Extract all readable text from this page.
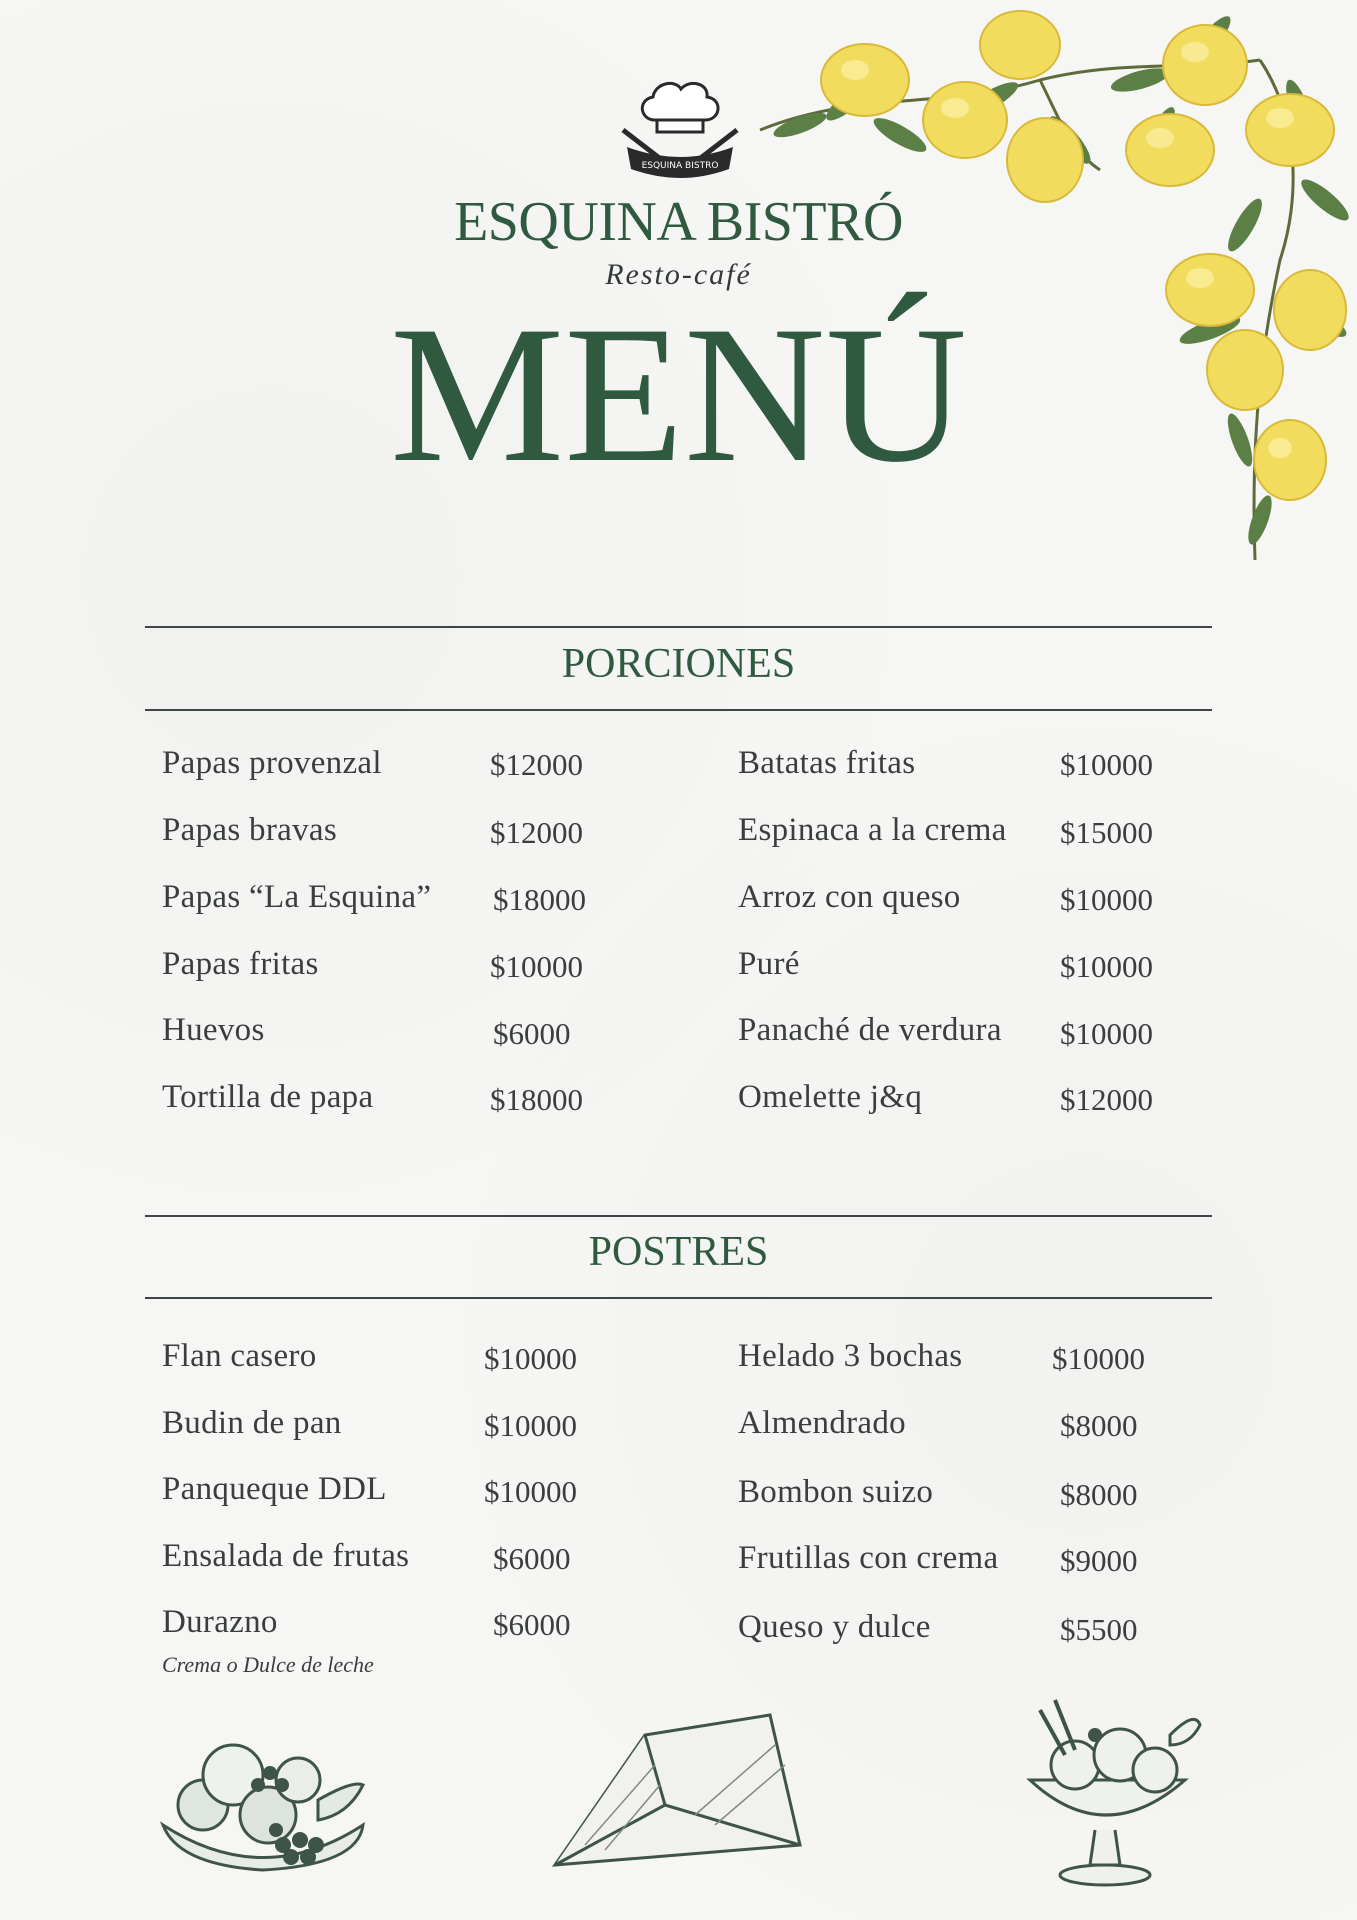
ESQUINA BISTRO
ESQUINA BISTRÓ
Resto-café
MENÚ
PORCIONES
Papas provenzal	$12000
Papas bravas	$12000
Papas “La Esquina” $18000
Papas fritas	$10000
Huevos	$6000
Tortilla de papa	$18000
Batatas fritas	$10000
Espinaca a la crema $15000
Arroz con queso	$10000
Puré	$10000
Panaché de verdura $10000
Omelette j&q	$12000
POSTRES
Flan casero	$10000
Budin de pan	$10000
Panqueque DDL	$10000
Ensalada de frutas	$6000
Durazno	$6000
Crema o Dulce de leche
Helado 3 bochas	$10000
Almendrado	$8000
Bombon suizo	$8000
Frutillas con crema $9000
Queso y dulce	$5500
